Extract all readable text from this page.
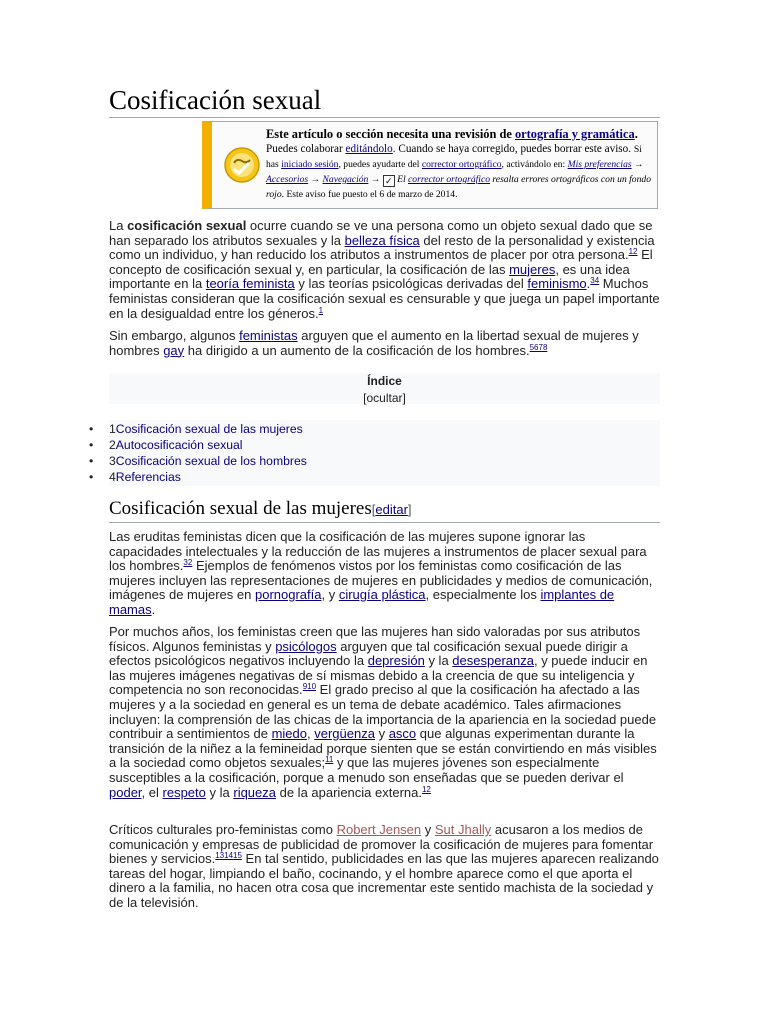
Cosificación sexual
Este artículo o sección necesita una revisión de ortografía y gramática.
Puedes colaborar editándolo. Cuando se haya corregido, puedes borrar este aviso. Si has iniciado sesión, puedes ayudarte del corrector ortográfico, activándolo en: Mis preferencias → Accesorios → Navegación → ✓ El corrector ortográfico resalta errores ortográficos con un fondo rojo. Este aviso fue puesto el 6 de marzo de 2014.

La cosificación sexual ocurre cuando se ve una persona como un objeto sexual dado que se han separado los atributos sexuales y la belleza física del resto de la personalidad y existencia como un individuo, y han reducido los atributos a instrumentos de placer por otra persona.$^{12}$ El concepto de cosificación sexual y, en particular, la cosificación de las mujeres, es una idea importante en la teoría feminista y las teorías psicológicas derivadas del feminismo.$^{34}$ Muchos feministas consideran que la cosificación sexual es censurable y que juega un papel importante en la desigualdad entre los géneros.$^1$

Sin embargo, algunos feministas arguyen que el aumento en la libertad sexual de mujeres y hombres gay ha dirigido a un aumento de la cosificación de los hombres.$^{5678}$

Índice
[ocultar]
• 1Cosificación sexual de las mujeres
• 2Autocosificación sexual
• 3Cosificación sexual de los hombres
• 4Referencias
Cosificación sexual de las mujeres[editar]

Las eruditas feministas dicen que la cosificación de las mujeres supone ignorar las capacidades intelectuales y la reducción de las mujeres a instrumentos de placer sexual para los hombres.$^{32}$ Ejemplos de fenómenos vistos por los feministas como cosificación de las mujeres incluyen las representaciones de mujeres en publicidades y medios de comunicación, imágenes de mujeres en pornografía, y cirugía plástica, especialmente los implantes de mamas.

Por muchos años, los feministas creen que las mujeres han sido valoradas por sus atributos físicos. Algunos feministas y psicólogos arguyen que tal cosificación sexual puede dirigir a efectos psicológicos negativos incluyendo la depresión y la desesperanza, y puede inducir en las mujeres imágenes negativas de sí mismas debido a la creencia de que su inteligencia y competencia no son reconocidas.$^{910}$ El grado preciso al que la cosificación ha afectado a las mujeres y a la sociedad en general es un tema de debate académico. Tales afirmaciones incluyen: la comprensión de las chicas de la importancia de la apariencia en la sociedad puede contribuir a sentimientos de miedo, vergüenza y asco que algunas experimentan durante la transición de la niñez a la femineidad porque sienten que se están convirtiendo en más visibles a la sociedad como objetos sexuales;$^{11}$ y que las mujeres jóvenes son especialmente susceptibles a la cosificación, porque a menudo son enseñadas que se pueden derivar el poder, el respeto y la riqueza de la apariencia externa.$^{12}$

Críticos culturales pro-feministas como Robert Jensen y Sut Jhally acusaron a los medios de comunicación y empresas de publicidad de promover la cosificación de mujeres para fomentar bienes y servicios.$^{131415}$ En tal sentido, publicidades en las que las mujeres aparecen realizando tareas del hogar, limpiando el baño, cocinando, y el hombre aparece como el que aporta el dinero a la familia, no hacen otra cosa que incrementar este sentido machista de la sociedad y de la televisión.
